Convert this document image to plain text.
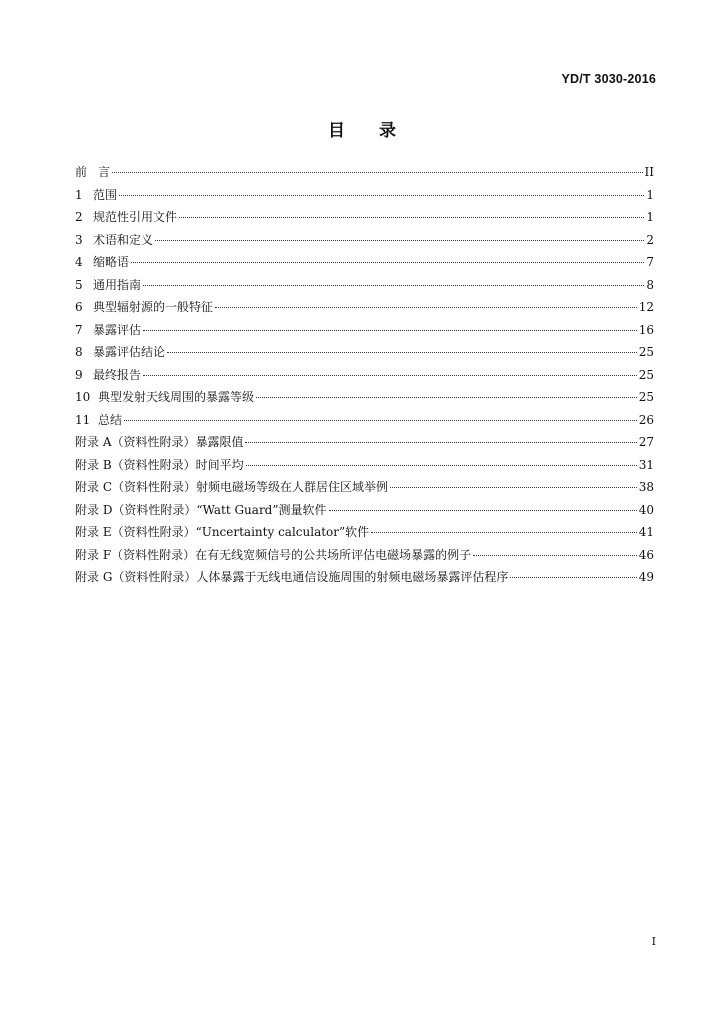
YD/T 3030-2016
目 录
前 言	II
1 范围	1
2 规范性引用文件	1
3 术语和定义	2
4 缩略语	7
5 通用指南	8
6 典型辐射源的一般特征	12
7 暴露评估	16
8 暴露评估结论	25
9 最终报告	25
10 典型发射天线周围的暴露等级	25
11 总结	26
附录 A（资料性附录）暴露限值	27
附录 B（资料性附录）时间平均	31
附录 C（资料性附录）射频电磁场等级在人群居住区域举例	38
附录 D（资料性附录）“Watt Guard”测量软件	40
附录 E（资料性附录）“Uncertainty calculator”软件	41
附录 F（资料性附录）在有无线宽频信号的公共场所评估电磁场暴露的例子	46
附录 G（资料性附录）人体暴露于无线电通信设施周围的射频电磁场暴露评估程序	49
I
